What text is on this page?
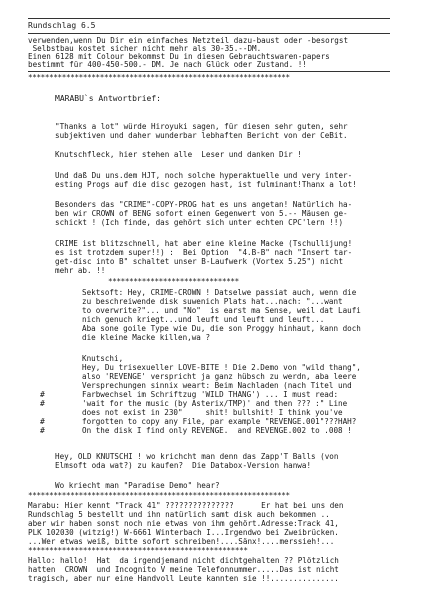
Rundschlag 6.5
verwenden,wenn Du Dir ein einfaches Netzteil dazu-baust oder -besorgst
Selbstbau kostet sicher nicht mehr als 30-35.--DM.
Einen 6128 mit Colour bekommst Du in diesen Gebrauchtswaren-papers
bestimmt für 400-450-500.- DM. Je nach Glück oder Zustand. !!
**************************************************************
MARABU`s Antwortbrief:
"Thanks a lot" würde Hiroyuki sagen, für diesen sehr guten, sehr
subjektiven und daher wunderbar lebhaften Bericht von der CeBit.
Knutschfleck, hier stehen alle  Leser und danken Dir !
Und daß Du uns.dem HJT, noch solche hyperaktuelle und very inter-
esting Progs auf die disc gezogen hast, ist fulminant!Thanx a lot!
Besonders das "CRIME"-COPY-PROG hat es uns angetan! Natürlich ha-
ben wir CROWN of BENG sofort einen Gegenwert von 5.-- Mäusen ge-
schickt ! (Ich finde, das gehört sich unter echten CPC'lern !!)
CRIME ist blitzschnell, hat aber eine kleine Macke (Tschullijung!
es ist trotzdem super!!) :  Bei Option  "4.B-B" nach "Insert tar-
get-disc into B" schaltet unser B-Laufwerk (Vortex 5.25") nicht
mehr ab. !!
*******************************
Sektsoft: Hey, CRIME-CROWN ! Datselwe passiat auch, wenn die
zu beschreiwende disk suwenich Plats hat...nach: "...want
to overwrite?"... und "No"  is earst ma Sense, weil dat Laufi
nich genuch kriegt...und leuft und leuft und leuft...
Aba sone goile Type wie Du, die son Proggy hinhaut, kann doch
die kleine Macke killen,wa ?
Knutschi,
Hey, Du trisexueller LOVE-BITE ! Die 2.Demo von "wild thang",
also 'REVENGE' verspricht ja ganz hübsch zu werdn, aba leere
Versprechungen sinnix weart: Beim Nachladen (nach Titel und
Farbwechsel im Schriftzug 'WILD THANG') ... I must read:
'wait for the music (by Asterix/TMP)' and then ??? :" Line
does not exist in 230"     shit! bullshit! I think you've
forgotten to copy any File, par example "REVENGE.001"???HAH?
On the disk I find only REVENGE.  and REVENGE.002 to .008 !
#
#
#
#
Hey, OLD KNUTSCHI ! wo krichcht man denn das Zapp'T Balls (von
Elmsoft oda wat?) zu kaufen?  Die Databox-Version hanwa!
Wo kriecht man "Paradise Demo" hear?
**************************************************************
Marabu: Hier kennt "Track 41" ???????????????      Er hat bei uns den
Rundschlag 5 bestellt und ihn natürlich samt disk auch bekommen ..
aber wir haben sonst noch nie etwas von ihm gehört.Adresse:Track 41,
PLK 102030 (witzig!) W-6661 Winterbach I...Irgendwo bei Zweibrücken.
...Wer etwas weiß, bitte sofort schreiben!....Sänx!....merssieh!...
****************************************************
Hallo: hallo!  Hat  da irgendjemand nicht dichtgehalten ?? Plötzlich
hatten  CROWN  und Incognito V meine Telefonnummer.....Das ist nicht
tragisch, aber nur eine Handvoll Leute kannten sie !!...............
